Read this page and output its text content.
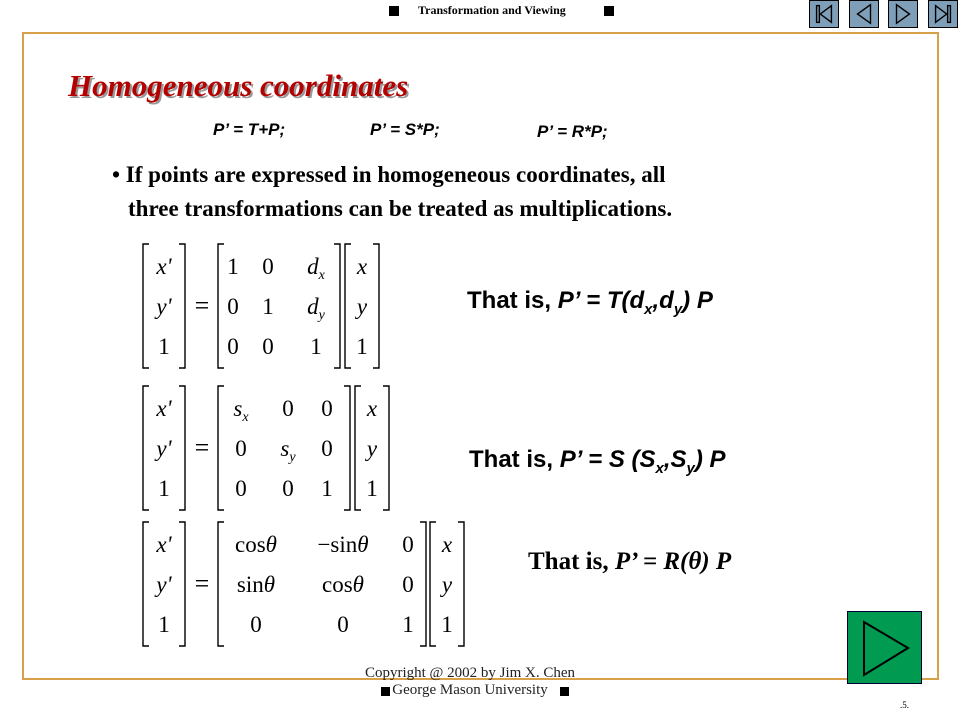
Transformation and Viewing
Homogeneous coordinates
P’ = T+P;	P’ = S*P;	P’ = R*P;
• If points are expressed in homogeneous coordinates, all
three transformations can be treated as multiplications.
x'
y'
1
=
1 0 $d_x$
0 1 $d_y$
0 0 1
x
y
1
x'
y'
1
=
$s_x$ 0 0
0 $s_y$ 0
0 0 1
x
y
1
x'
y'
1
=
cosθ −sinθ 0
sinθ cosθ 0
0	0 1
x
y
1
That is, P’ = $T(d_x,d_y)$ P
That is, P’ = S $(S_x,S_y)$ P
That is, P’ = R(θ) P
Copyright @ 2002 by Jim X. Chen
George Mason University
.5.
